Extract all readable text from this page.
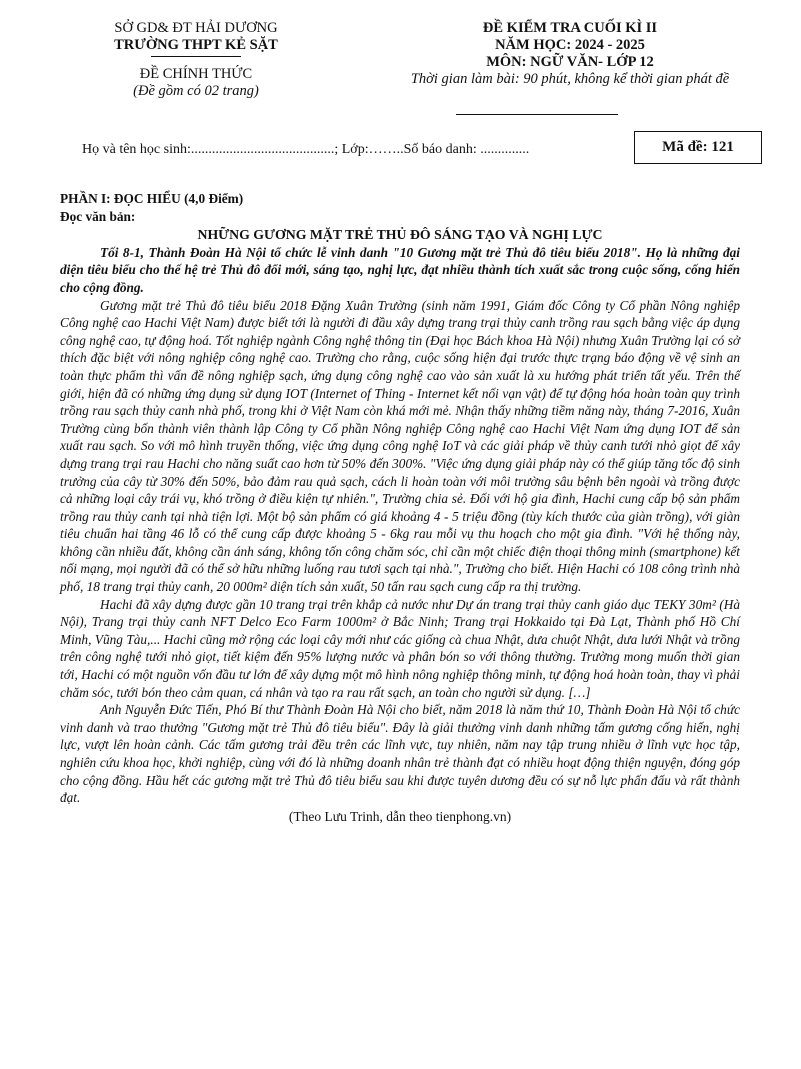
SỞ GD& ĐT HẢI DƯƠNG
TRƯỜNG THPT KẺ SẶT
ĐỀ CHÍNH THỨC
(Đề gồm có 02 trang)
ĐỀ KIỂM TRA CUỐI KÌ II
NĂM HỌC: 2024 - 2025
MÔN: NGỮ VĂN- LỚP 12
Thời gian làm bài: 90 phút, không kể thời gian phát đề
Họ và tên học sinh:.........................................; Lớp:……..Số báo danh: ..............	Mã đề: 121
PHẦN I: ĐỌC HIỂU (4,0 Điểm)
Đọc văn bản:
NHỮNG GƯƠNG MẶT TRẺ THỦ ĐÔ SÁNG TẠO VÀ NGHỊ LỰC

Tối 8-1, Thành Đoàn Hà Nội tổ chức lễ vinh danh "10 Gương mặt trẻ Thủ đô tiêu biểu 2018". Họ là những đại diện tiêu biểu cho thế hệ trẻ Thủ đô đổi mới, sáng tạo, nghị lực, đạt nhiều thành tích xuất sắc trong cuộc sống, cống hiến cho cộng đồng.

Gương mặt trẻ Thủ đô tiêu biểu 2018 Đặng Xuân Trường (sinh năm 1991, Giám đốc Công ty Cổ phần Nông nghiệp Công nghệ cao Hachi Việt Nam) được biết tới là người đi đầu xây dựng trang trại thủy canh trồng rau sạch bằng việc áp dụng công nghệ cao, tự động hoá. Tốt nghiệp ngành Công nghệ thông tin (Đại học Bách khoa Hà Nội) nhưng Xuân Trường lại có sở thích đặc biệt với nông nghiệp công nghệ cao. Trường cho rằng, cuộc sống hiện đại trước thực trạng báo động về vệ sinh an toàn thực phẩm thì vấn đề nông nghiệp sạch, ứng dụng công nghệ cao vào sản xuất là xu hướng phát triển tất yếu. Trên thế giới, hiện đã có những ứng dụng sử dụng IOT (Internet of Thing - Internet kết nối vạn vật) để tự động hóa hoàn toàn quy trình trồng rau sạch thủy canh nhà phố, trong khi ở Việt Nam còn khá mới mẻ. Nhận thấy những tiềm năng này, tháng 7-2016, Xuân Trường cùng bốn thành viên thành lập Công ty Cổ phần Nông nghiệp Công nghệ cao Hachi Việt Nam ứng dụng IOT để sản xuất rau sạch. So với mô hình truyền thống, việc ứng dụng công nghệ IoT và các giải pháp về thủy canh tưới nhỏ giọt để xây dựng trang trại rau Hachi cho năng suất cao hơn từ 50% đến 300%. "Việc ứng dụng giải pháp này có thể giúp tăng tốc độ sinh trưởng của cây từ 30% đến 50%, bảo đảm rau quả sạch, cách li hoàn toàn với môi trường sâu bệnh bên ngoài và trồng được cả những loại cây trái vụ, khó trồng ở điều kiện tự nhiên.", Trường chia sẻ. Đối với hộ gia đình, Hachi cung cấp bộ sản phẩm trồng rau thủy canh tại nhà tiện lợi. Một bộ sản phẩm có giá khoảng 4 - 5 triệu đồng (tùy kích thước của giàn trồng), với giàn tiêu chuẩn hai tầng 46 lỗ có thể cung cấp được khoảng 5 - 6kg rau mỗi vụ thu hoạch cho một gia đình. "Với hệ thống này, không cần nhiều đất, không cần ánh sáng, không tốn công chăm sóc, chỉ cần một chiếc điện thoại thông minh (smartphone) kết nối mạng, mọi người đã có thể sở hữu những luống rau tươi sạch tại nhà.", Trường cho biết. Hiện Hachi có 108 công trình nhà phố, 18 trang trại thủy canh, 20 000m² diện tích sản xuất, 50 tấn rau sạch cung cấp ra thị trường.

Hachi đã xây dựng được gần 10 trang trại trên khắp cả nước như Dự án trang trại thủy canh giáo dục TEKY 30m² (Hà Nội), Trang trại thủy canh NFT Delco Eco Farm 1000m² ở Bắc Ninh; Trang trại Hokkaido tại Đà Lạt, Thành phố Hồ Chí Minh, Vũng Tàu,... Hachi cũng mở rộng các loại cây mới như các giống cà chua Nhật, dưa chuột Nhật, dưa lưới Nhật và trồng trên công nghệ tưới nhỏ giọt, tiết kiệm đến 95% lượng nước và phân bón so với thông thường. Trường mong muốn thời gian tới, Hachi có một nguồn vốn đầu tư lớn để xây dựng một mô hình nông nghiệp thông minh, tự động hoá hoàn toàn, thay vì phải chăm sóc, tưới bón theo cảm quan, cá nhân và tạo ra rau rất sạch, an toàn cho người sử dụng. […]

Anh Nguyễn Đức Tiến, Phó Bí thư Thành Đoàn Hà Nội cho biết, năm 2018 là năm thứ 10, Thành Đoàn Hà Nội tổ chức vinh danh và trao thưởng "Gương mặt trẻ Thủ đô tiêu biểu". Đây là giải thưởng vinh danh những tấm gương cống hiến, nghị lực, vượt lên hoàn cảnh. Các tấm gương trải đều trên các lĩnh vực, tuy nhiên, năm nay tập trung nhiều ở lĩnh vực học tập, nghiên cứu khoa học, khởi nghiệp, cùng với đó là những doanh nhân trẻ thành đạt có nhiều hoạt động thiện nguyện, đóng góp cho cộng đồng. Hầu hết các gương mặt trẻ Thủ đô tiêu biểu sau khi được tuyên dương đều có sự nỗ lực phấn đấu và rất thành đạt.

(Theo Lưu Trinh, dẫn theo tienphong.vn)
